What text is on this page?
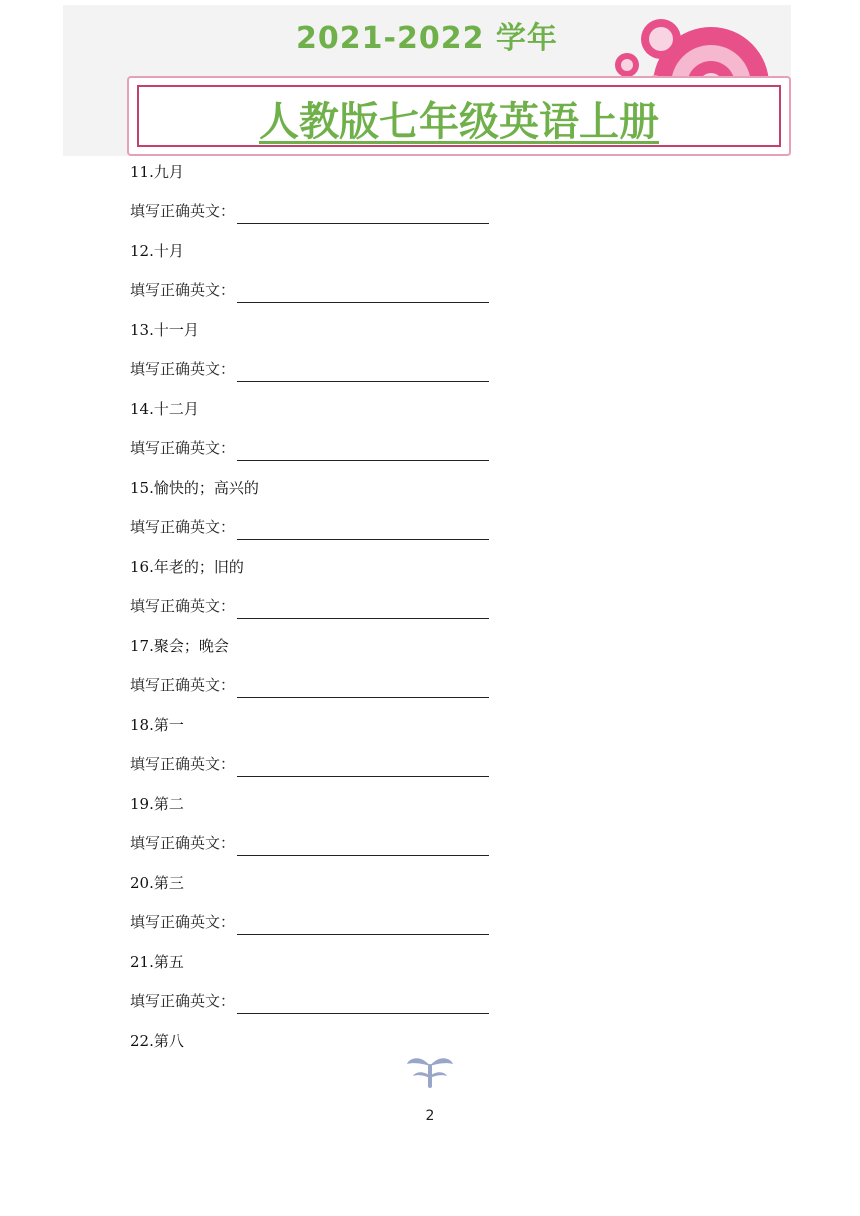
2021-2022 学年
人教版七年级英语上册
11.九月
填写正确英文：
12.十月
填写正确英文：
13.十一月
填写正确英文：
14.十二月
填写正确英文：
15.愉快的；高兴的
填写正确英文：
16.年老的；旧的
填写正确英文：
17.聚会；晚会
填写正确英文：
18.第一
填写正确英文：
19.第二
填写正确英文：
20.第三
填写正确英文：
21.第五
填写正确英文：
22.第八
2
